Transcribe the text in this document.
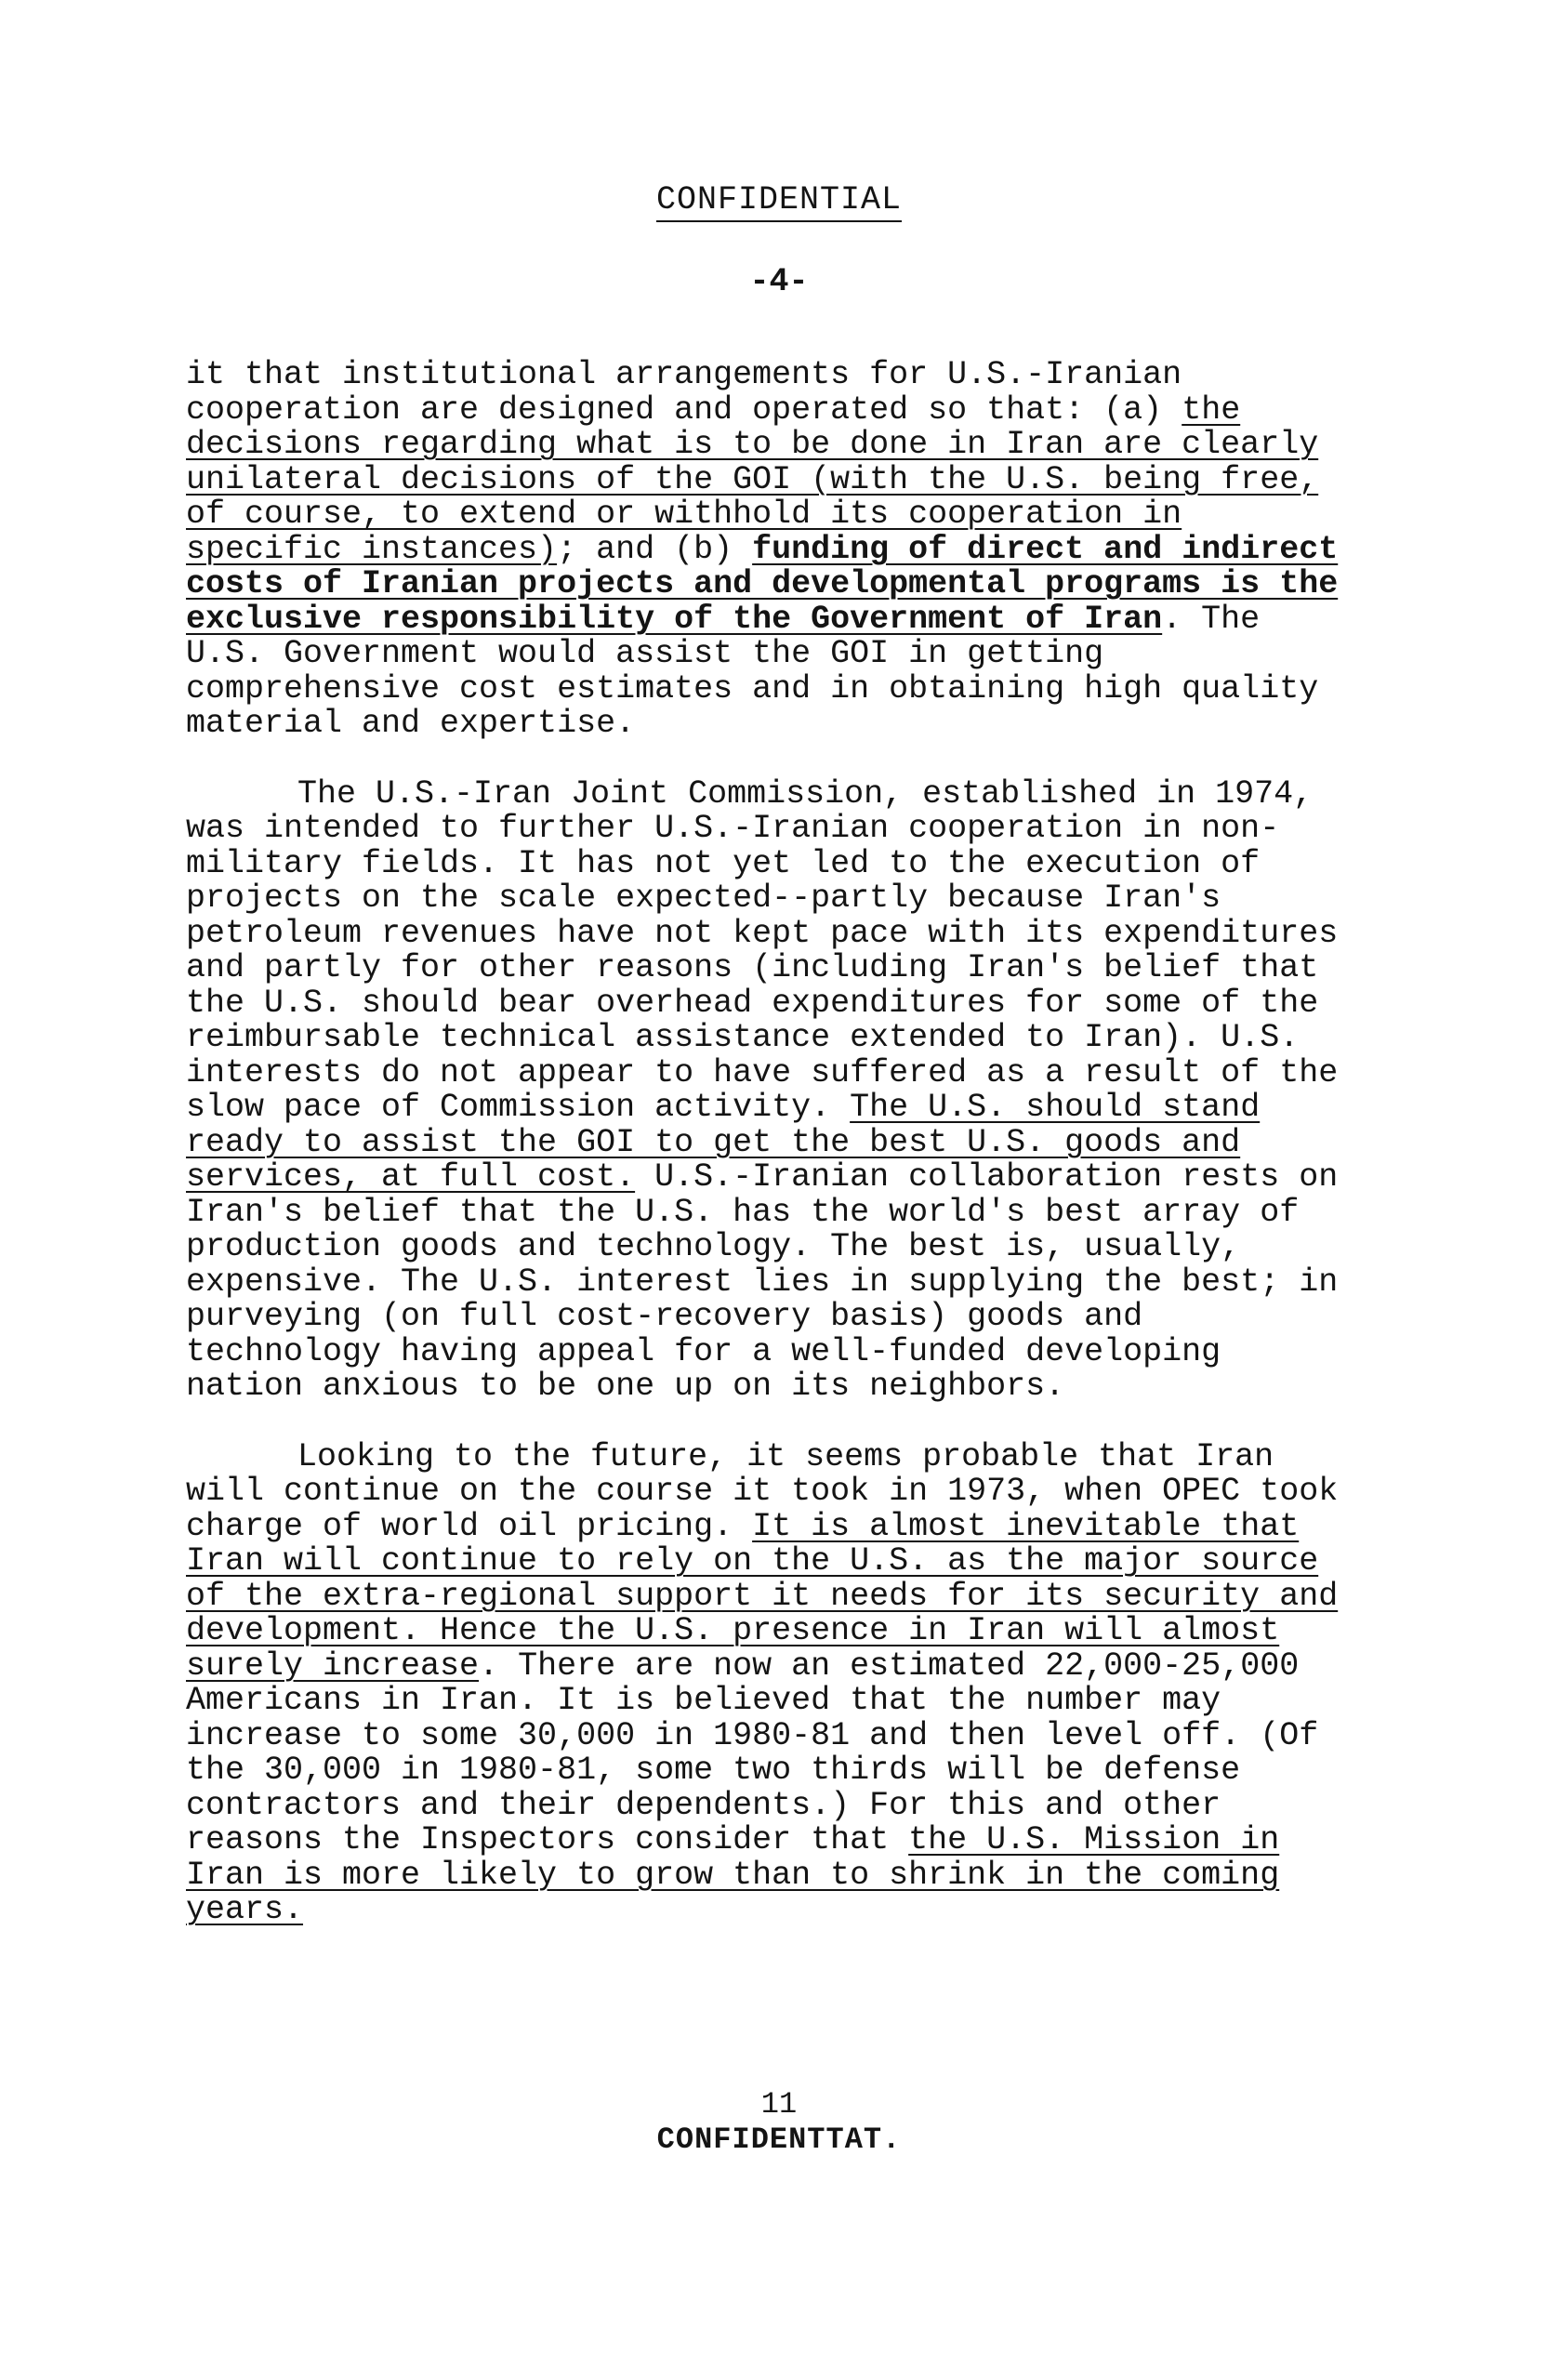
CONFIDENTIAL
-4-

it that institutional arrangements for U.S.-Iranian cooperation are designed and operated so that: (a) the decisions regarding what is to be done in Iran are clearly unilateral decisions of the GOI (with the U.S. being free, of course, to extend or withhold its cooperation in specific instances); and (b) funding of direct and indirect costs of Iranian projects and developmental programs is the exclusive responsibility of the Government of Iran. The U.S. Government would assist the GOI in getting comprehensive cost estimates and in obtaining high quality material and expertise.

The U.S.-Iran Joint Commission, established in 1974, was intended to further U.S.-Iranian cooperation in non-military fields. It has not yet led to the execution of projects on the scale expected--partly because Iran's petroleum revenues have not kept pace with its expenditures and partly for other reasons (including Iran's belief that the U.S. should bear overhead expenditures for some of the reimbursable technical assistance extended to Iran). U.S. interests do not appear to have suffered as a result of the slow pace of Commission activity. The U.S. should stand ready to assist the GOI to get the best U.S. goods and services, at full cost. U.S.-Iranian collaboration rests on Iran's belief that the U.S. has the world's best array of production goods and technology. The best is, usually, expensive. The U.S. interest lies in supplying the best; in purveying (on full cost-recovery basis) goods and technology having appeal for a well-funded developing nation anxious to be one up on its neighbors.

Looking to the future, it seems probable that Iran will continue on the course it took in 1973, when OPEC took charge of world oil pricing. It is almost inevitable that Iran will continue to rely on the U.S. as the major source of the extra-regional support it needs for its security and development. Hence the U.S. presence in Iran will almost surely increase. There are now an estimated 22,000-25,000 Americans in Iran. It is believed that the number may increase to some 30,000 in 1980-81 and then level off. (Of the 30,000 in 1980-81, some two thirds will be defense contractors and their dependents.) For this and other reasons the Inspectors consider that the U.S. Mission in Iran is more likely to grow than to shrink in the coming years.

11
CONFIDENTTAT.
